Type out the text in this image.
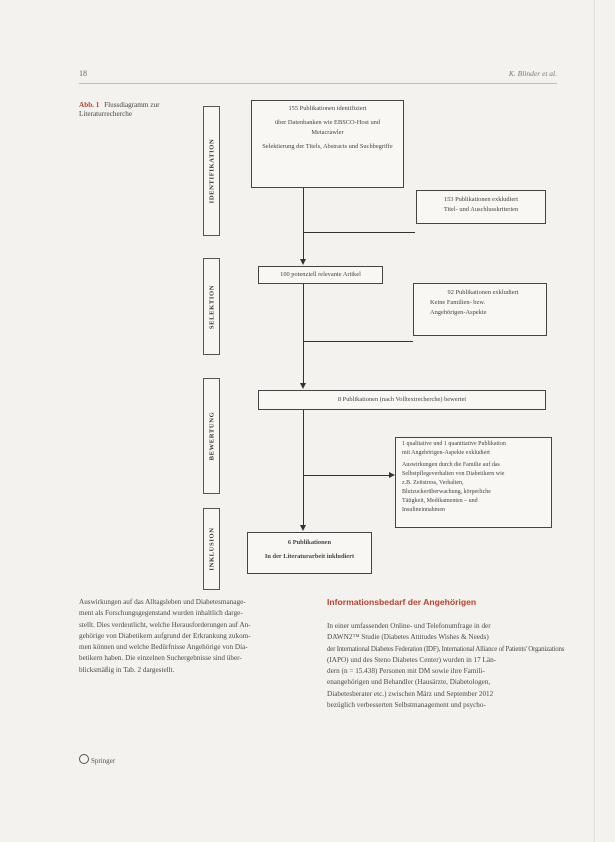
18	K. Blinder et al.
Abb. 1 Flussdiagramm zur
Literaturrecherche
IDENTIFIKATION
SELEKTION
BEWERTUNG
INKLUSION
155 Publikationen identifiziert
über Datenbanken wie EBSCO-Host und
Metacrawler
Selektierung der Titels, Abstracts und Suchbegriffe
153 Publikationen exkludiert
Titel- und Auschlusskriterien
100 potenziell relevante Artikel
92 Publikationen exkludiert
Keine Familien- bzw.
Angehörigen-Aspekte
8 Publikationen (nach Volltextrecherche) bewertet
1 qualitative und 1 quantitative Publikation
mit Angehörigen-Aspekte exkludiert
Auswirkungen durch die Familie auf das
Selbstpflegeverhalten von Diabetikern wie
z.B. Zeitstress, Verhalten,
Blutzuckerüberwachung, körperliche
Tätigkeit, Medikamenten – und
Insulineinnahmen
6 Publikationen
In der Literaturarbeit inkludiert
Auswirkungen auf das Alltagsleben und Diabetesmanage-
ment als Forschungsgegenstand wurden inhaltlich darge-
stellt. Dies verdeutlicht, welche Herausforderungen auf An-
gehörige von Diabetikern aufgrund der Erkrankung zukom-
men können und welche Bedürfnisse Angehörige von Dia-
betikern haben. Die einzelnen Suchergebnisse sind über-
blicksmäßig in Tab. 2 dargestellt.
Informationsbedarf der Angehörigen
In einer umfassenden Online- und Telefonumfrage in der
DAWN2™ Studie (Diabetes Attitudes Wishes & Needs)
der International Diabetes Federation (IDF), International Alliance of Patients' Organizations
(IAPO) und des Steno Diabetes Center) wurden in 17 Län-
dern (n = 15.438) Personen mit DM sowie ihre Famili-
enangehörigen und Behandler (Hausärzte, Diabetologen,
Diabetesberater etc.) zwischen März und September 2012
bezüglich verbesserten Selbstmanagement und psycho-
Springer
